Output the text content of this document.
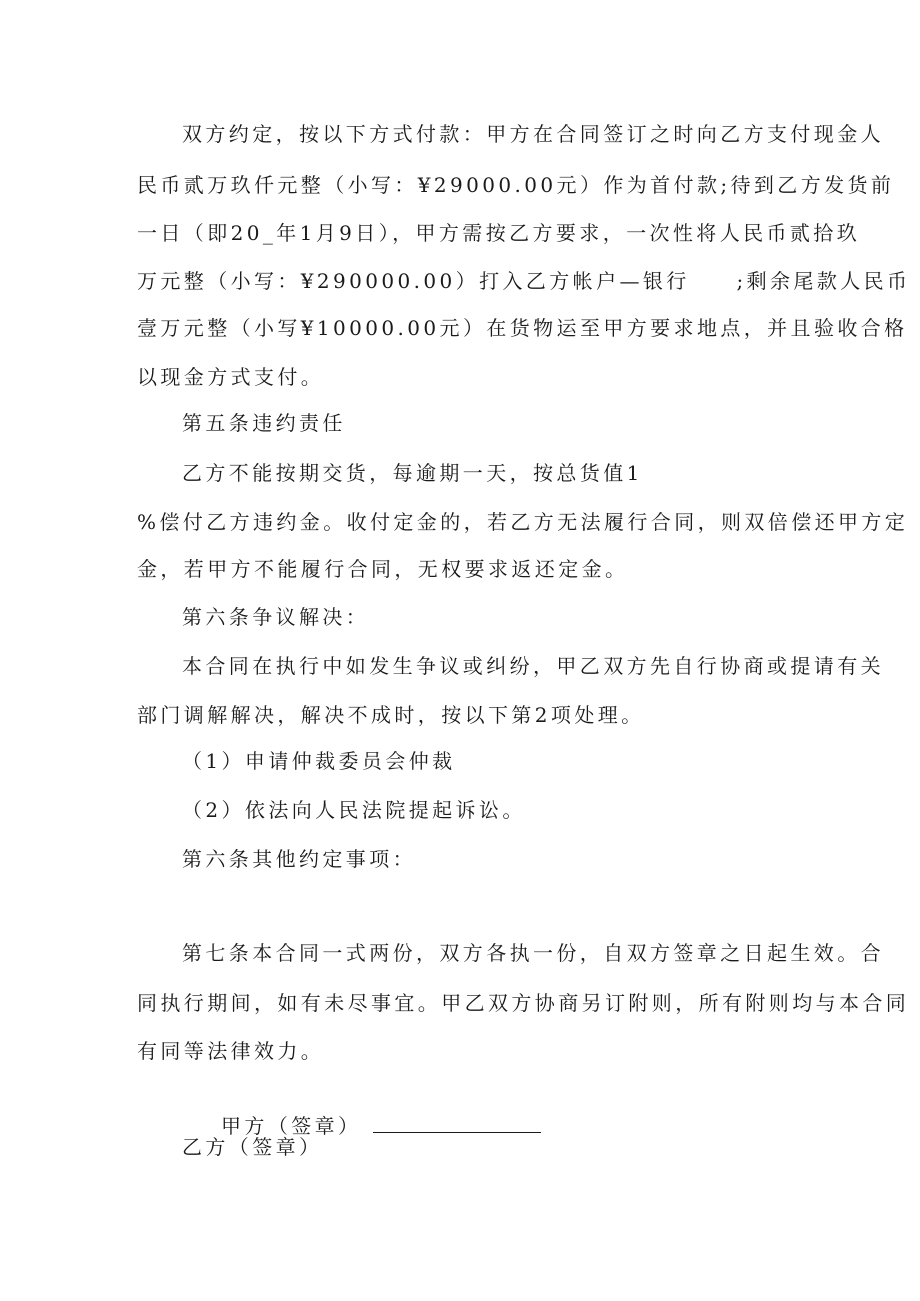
双方约定，按以下方式付款：甲方在合同签订之时向乙方支付现金人
民币贰万玖仟元整（小写：¥29000.00元）作为首付款;待到乙方发货前
一日（即20_年1月9日），甲方需按乙方要求，一次性将人民币贰拾玖
万元整（小写：¥290000.00）打入乙方帐户—银行　　;剩余尾款人民币
壹万元整（小写¥10000.00元）在货物运至甲方要求地点，并且验收合格
以现金方式支付。
第五条违约责任
乙方不能按期交货，每逾期一天，按总货值1
%偿付乙方违约金。收付定金的，若乙方无法履行合同，则双倍偿还甲方定
金，若甲方不能履行合同，无权要求返还定金。
第六条争议解决：
本合同在执行中如发生争议或纠纷，甲乙双方先自行协商或提请有关
部门调解解决，解决不成时，按以下第2项处理。
（1）申请仲裁委员会仲裁
（2）依法向人民法院提起诉讼。
第六条其他约定事项：
第七条本合同一式两份，双方各执一份，自双方签章之日起生效。合
同执行期间，如有未尽事宜。甲乙双方协商另订附则，所有附则均与本合同
有同等法律效力。

甲方（签章）

乙方（签章）
